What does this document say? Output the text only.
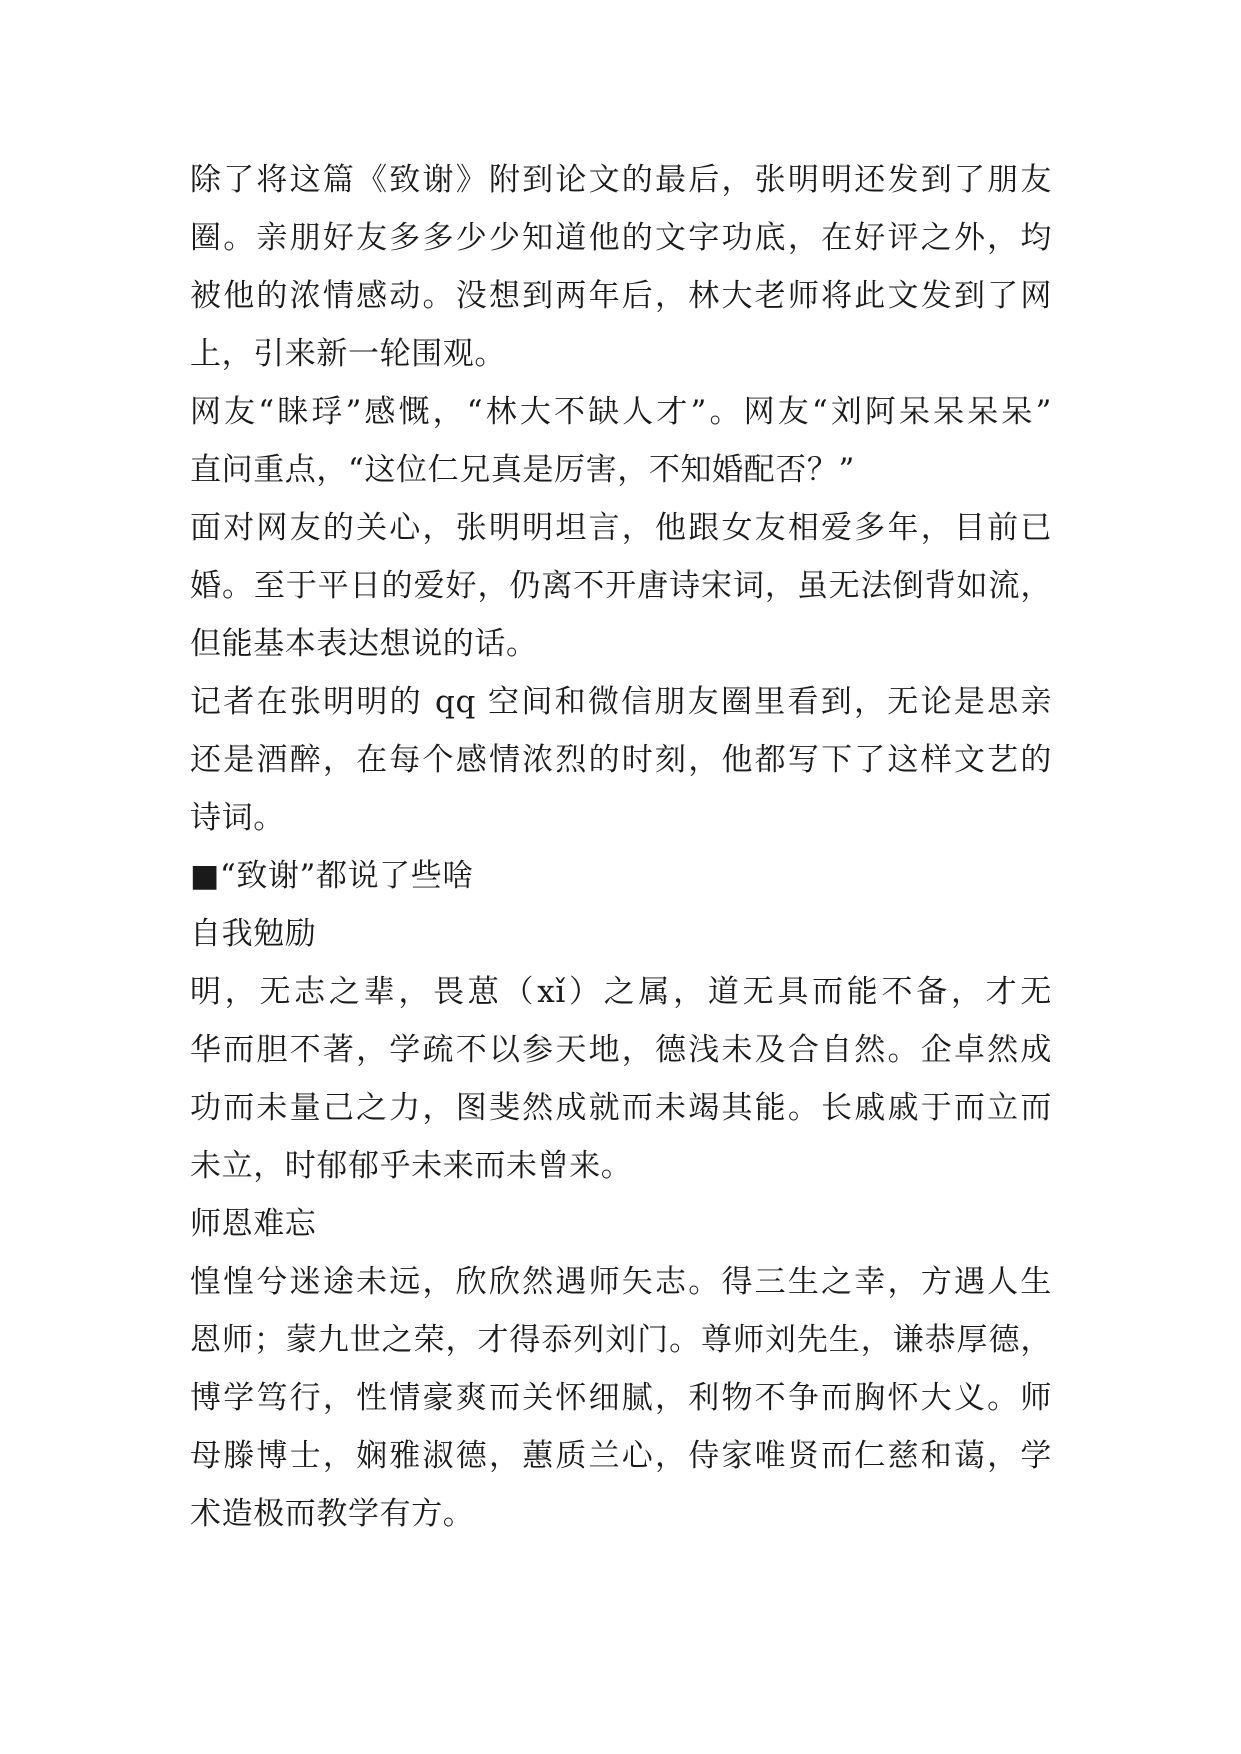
除了将这篇《致谢》附到论文的最后，张明明还发到了朋友
圈。亲朋好友多多少少知道他的文字功底，在好评之外，均
被他的浓情感动。没想到两年后，林大老师将此文发到了网
上，引来新一轮围观。
网友“睐琈”感慨，“林大不缺人才”。网友“刘阿呆呆呆呆”
直问重点，“这位仁兄真是厉害，不知婚配否？”
面对网友的关心，张明明坦言，他跟女友相爱多年，目前已
婚。至于平日的爱好，仍离不开唐诗宋词，虽无法倒背如流，
但能基本表达想说的话。
记者在张明明的 qq 空间和微信朋友圈里看到，无论是思亲
还是酒醉，在每个感情浓烈的时刻，他都写下了这样文艺的
诗词。
■“致谢”都说了些啥
自我勉励
明，无志之辈，畏葸（xǐ）之属，道无具而能不备，才无
华而胆不著，学疏不以参天地，德浅未及合自然。企卓然成
功而未量己之力，图斐然成就而未竭其能。长戚戚于而立而
未立，时郁郁乎未来而未曾来。
师恩难忘
惶惶兮迷途未远，欣欣然遇师矢志。得三生之幸，方遇人生
恩师；蒙九世之荣，才得忝列刘门。尊师刘先生，谦恭厚德，
博学笃行，性情豪爽而关怀细腻，利物不争而胸怀大义。师
母滕博士，娴雅淑德，蕙质兰心，侍家唯贤而仁慈和蔼，学
术造极而教学有方。
